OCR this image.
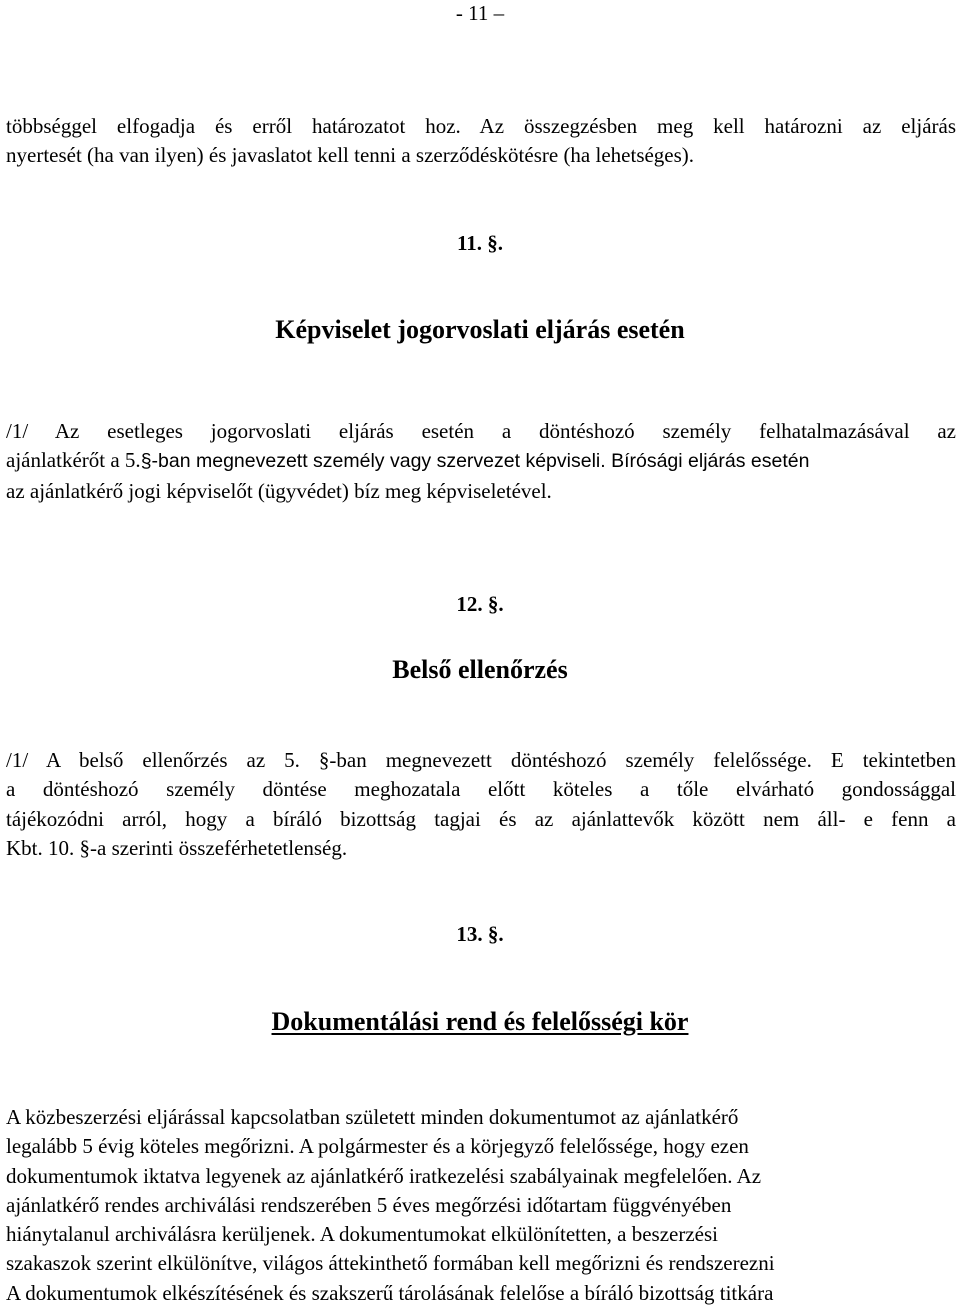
- 11 –
többséggel elfogadja és erről határozatot hoz. Az összegzésben meg kell határozni az eljárás
nyertesét (ha van ilyen) és javaslatot kell tenni a szerződéskötésre (ha lehetséges).
11. §.
Képviselet jogorvoslati eljárás esetén
/1/ Az esetleges jogorvoslati eljárás esetén a döntéshozó személy felhatalmazásával az
ajánlatkérőt a 5.§-ban megnevezett személy vagy szervezet képviseli. Bírósági eljárás esetén
az ajánlatkérő jogi képviselőt (ügyvédet) bíz meg képviseletével.
12. §.
Belső ellenőrzés
/1/ A belső ellenőrzés az 5. §-ban megnevezett döntéshozó személy felelőssége. E tekintetben
a döntéshozó személy döntése meghozatala előtt köteles a tőle elvárható gondossággal
tájékozódni arról, hogy a bíráló bizottság tagjai és az ajánlattevők között nem áll- e fenn a
Kbt. 10. §-a szerinti összeférhetetlenség.
13. §.
Dokumentálási rend és felelősségi kör
A közbeszerzési eljárással kapcsolatban született minden dokumentumot az ajánlatkérő
legalább 5 évig köteles megőrizni. A polgármester és a körjegyző felelőssége, hogy ezen
dokumentumok iktatva legyenek az ajánlatkérő iratkezelési szabályainak megfelelően. Az
ajánlatkérő rendes archiválási rendszerében 5 éves megőrzési időtartam függvényében
hiánytalanul archiválásra kerüljenek. A dokumentumokat elkülönítetten, a beszerzési
szakaszok szerint elkülönítve, világos áttekinthető formában kell megőrizni és rendszerezni
A dokumentumok elkészítésének és szakszerű tárolásának felelőse a bíráló bizottság titkára
